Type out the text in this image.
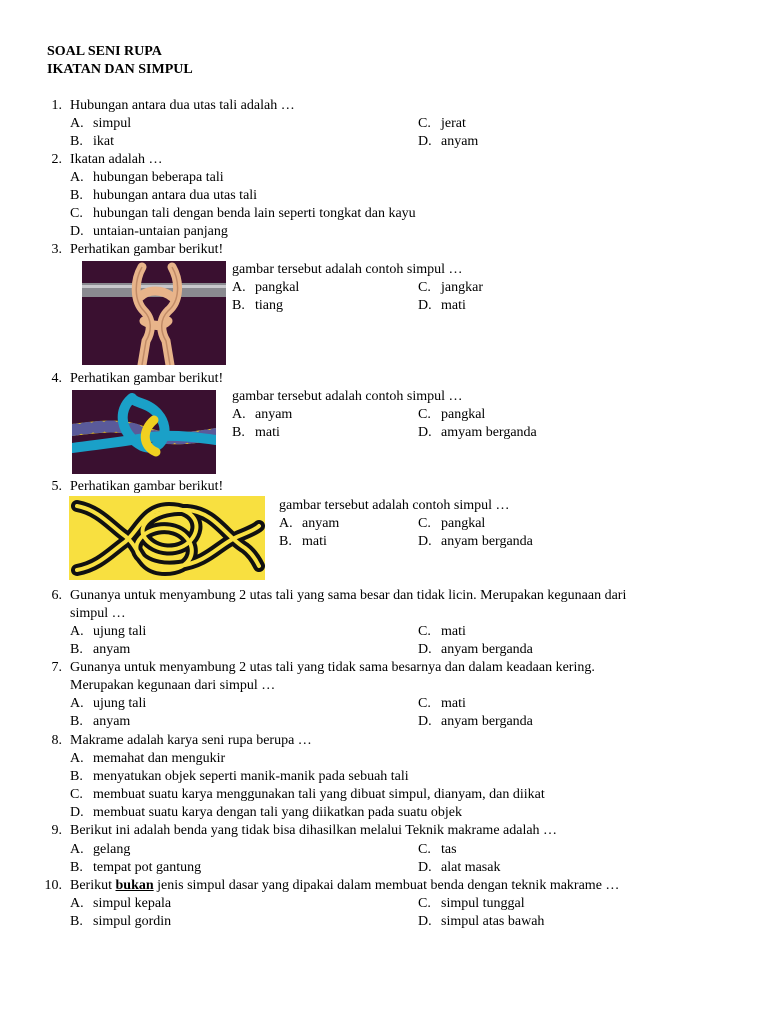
SOAL SENI RUPA
IKATAN DAN SIMPUL
1. Hubungan antara dua utas tali adalah …
A. simpul
B. ikat
C. jerat
D. anyam
2. Ikatan adalah …
A. hubungan beberapa tali
B. hubungan antara dua utas tali
C. hubungan tali dengan benda lain seperti tongkat dan kayu
D. untaian-untaian panjang
3. Perhatikan gambar berikut!
gambar tersebut adalah contoh simpul …
A. pangkal
B. tiang
C. jangkar
D. mati
4. Perhatikan gambar berikut!
gambar tersebut adalah contoh simpul …
A. anyam
B. mati
C. pangkal
D. amyam berganda
5. Perhatikan gambar berikut!
gambar tersebut adalah contoh simpul …
A. anyam
B. mati
C. pangkal
D. anyam berganda
6. Gunanya untuk menyambung 2 utas tali yang sama besar dan tidak licin. Merupakan kegunaan dari
simpul …
A. ujung tali
B. anyam
C. mati
D. anyam berganda
7. Gunanya untuk menyambung 2 utas tali yang tidak sama besarnya dan dalam keadaan kering.
Merupakan kegunaan dari simpul …
A. ujung tali
B. anyam
C. mati
D. anyam berganda
8. Makrame adalah karya seni rupa berupa …
A. memahat dan mengukir
B. menyatukan objek seperti manik-manik pada sebuah tali
C. membuat suatu karya menggunakan tali yang dibuat simpul, dianyam, dan diikat
D. membuat suatu karya dengan tali yang diikatkan pada suatu objek
9. Berikut ini adalah benda yang tidak bisa dihasilkan melalui Teknik makrame adalah …
A. gelang
B. tempat pot gantung
C. tas
D. alat masak
10. Berikut bukan jenis simpul dasar yang dipakai dalam membuat benda dengan teknik makrame …
A. simpul kepala
B. simpul gordin
C. simpul tunggal
D. simpul atas bawah
